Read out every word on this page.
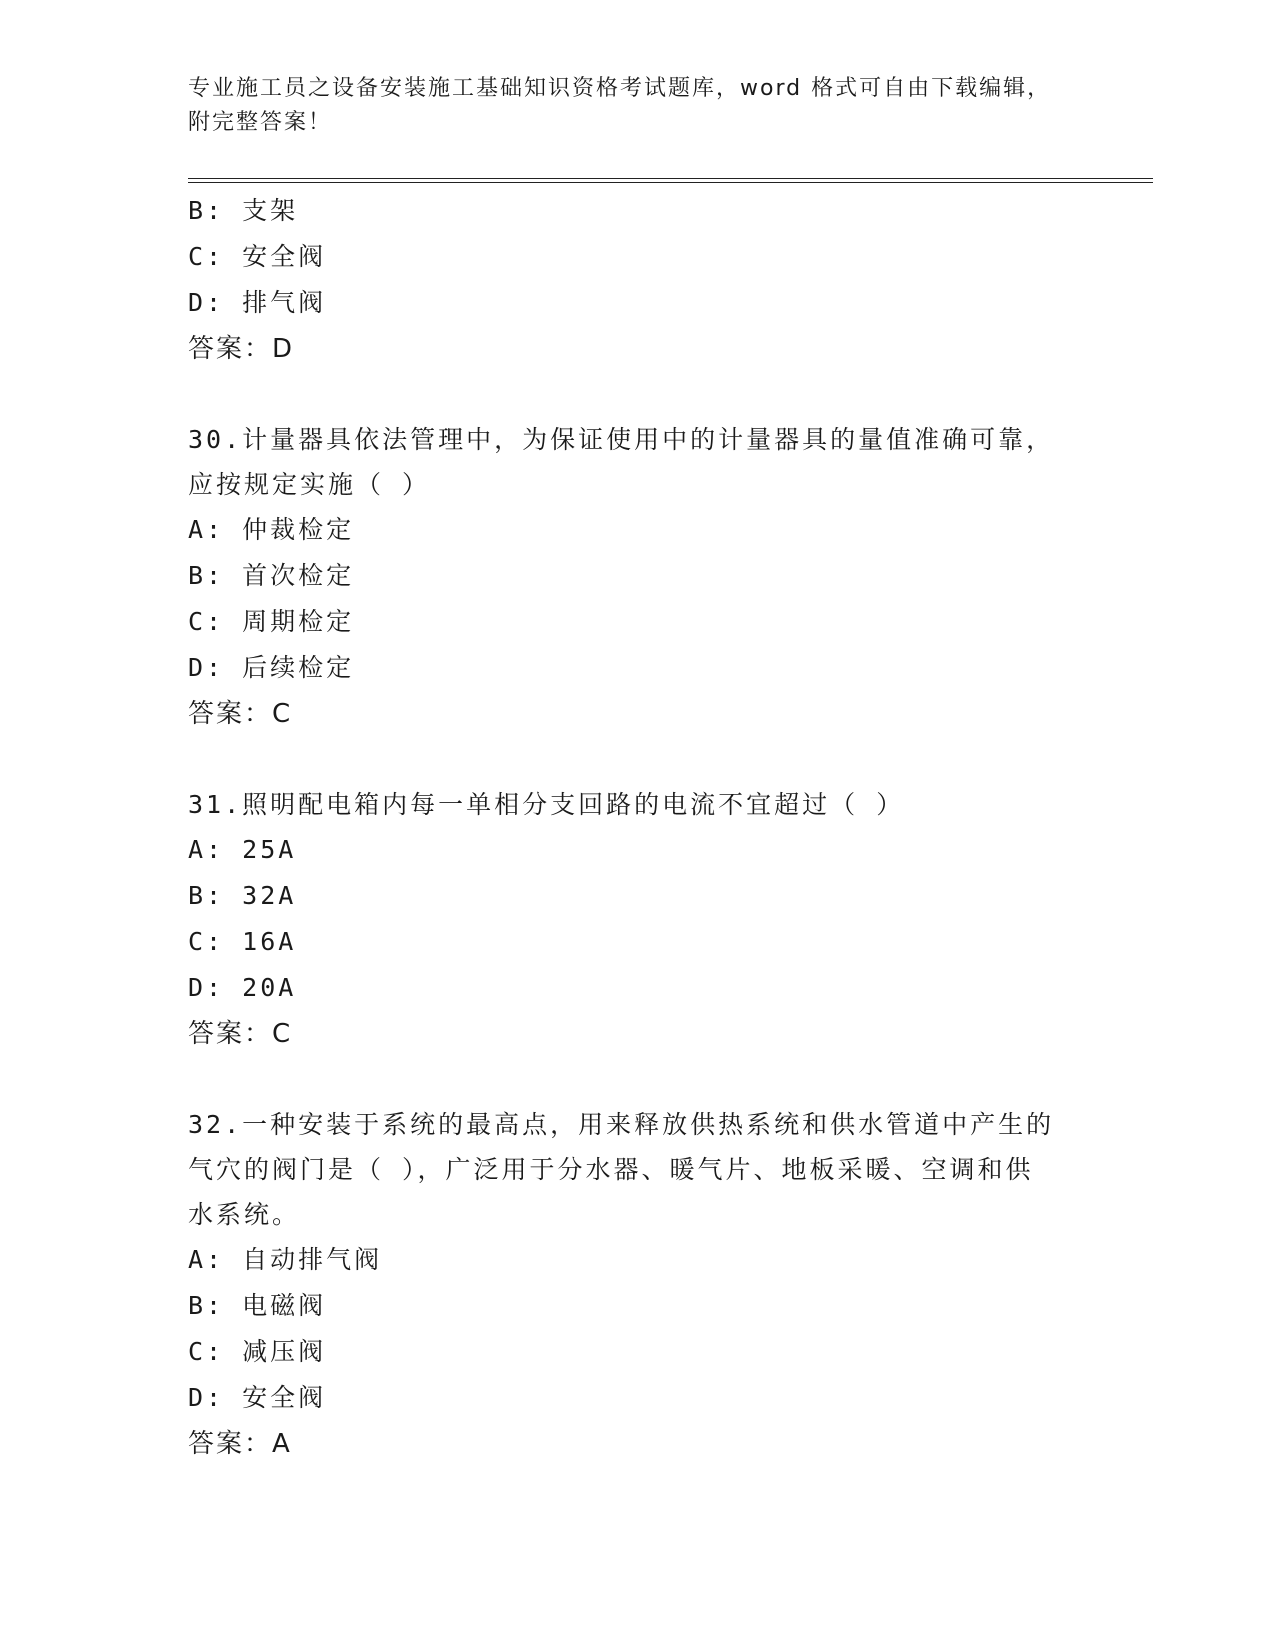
专业施工员之设备安装施工基础知识资格考试题库，word 格式可自由下载编辑，
附完整答案！
B: 支架
C: 安全阀
D: 排气阀
答案：D
30.计量器具依法管理中，为保证使用中的计量器具的量值准确可靠，
应按规定实施（ ）
A: 仲裁检定
B: 首次检定
C: 周期检定
D: 后续检定
答案：C
31.照明配电箱内每一单相分支回路的电流不宜超过（ ）
A: 25A
B: 32A
C: 16A
D: 20A
答案：C
32.一种安装于系统的最高点，用来释放供热系统和供水管道中产生的
气穴的阀门是（ ），广泛用于分水器、暖气片、地板采暖、空调和供
水系统。
A: 自动排气阀
B: 电磁阀
C: 减压阀
D: 安全阀
答案：A
